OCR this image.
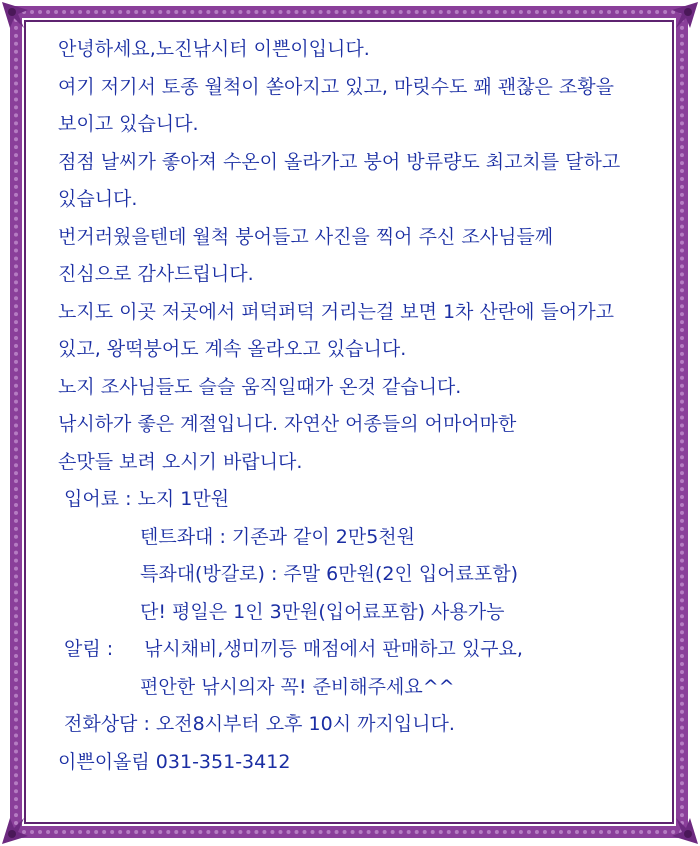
안녕하세요,노진낚시터 이쁜이입니다.
여기 저기서 토종 월척이 쏟아지고 있고, 마릿수도 꽤 괜찮은 조황을
보이고 있습니다.
점점 날씨가 좋아져 수온이 올라가고 붕어 방류량도 최고치를 달하고
있습니다.
번거러웠을텐데 월척 붕어들고 사진을 찍어 주신 조사님들께
진심으로 감사드립니다.
노지도 이곳 저곳에서 퍼덕퍼덕 거리는걸 보면 1차 산란에 들어가고
있고, 왕떡붕어도 계속 올라오고 있습니다.
노지 조사님들도 슬슬 움직일때가 온것 같습니다.
낚시하가 좋은 계절입니다. 자연산 어종들의 어마어마한
손맛들 보려 오시기 바랍니다.
입어료 : 노지 1만원
텐트좌대 : 기존과 같이 2만5천원
특좌대(방갈로) : 주말 6만원(2인 입어료포함)
단! 평일은 1인 3만원(입어료포함) 사용가능
알림 : 낚시채비,생미끼등 매점에서 판매하고 있구요,
편안한 낚시의자 꼭! 준비해주세요^^
전화상담 : 오전8시부터 오후 10시 까지입니다.
이쁜이올림 031-351-3412
